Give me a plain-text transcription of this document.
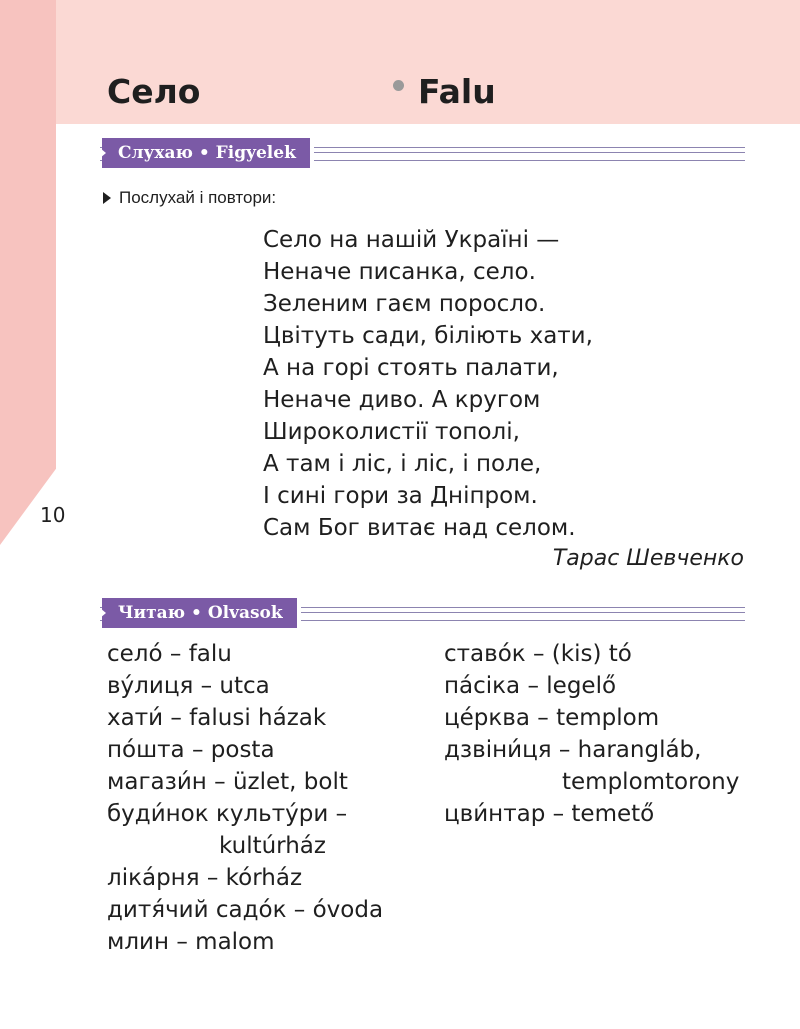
Село	Falu
Слухаю • Figyelek
Послухай і повтори:
Село на нашій Україні —
Неначе писанка, село.
Зеленим гаєм поросло.
Цвітуть сади, біліють хати,
А на горі стоять палати,
Неначе диво. А кругом
Широколистії тополі,
А там і ліс, і ліс, і поле,
І сині гори за Дніпром.
Сам Бог витає над селом.
Тарас Шевченко
10
Читаю • Olvasok
село́ – falu
ву́лиця – utca
хати́ – falusi házak
по́шта – posta
магази́н – üzlet, bolt
буди́нок культу́ри –
kultúrház
ліка́рня – kórház
дитя́чий садо́к – óvoda
млин – malom
ставо́к – (kis) tó
па́сіка – legelő
це́рква – templom
дзвіни́ця – harangláb,
templomtorony
цви́нтар – temető
